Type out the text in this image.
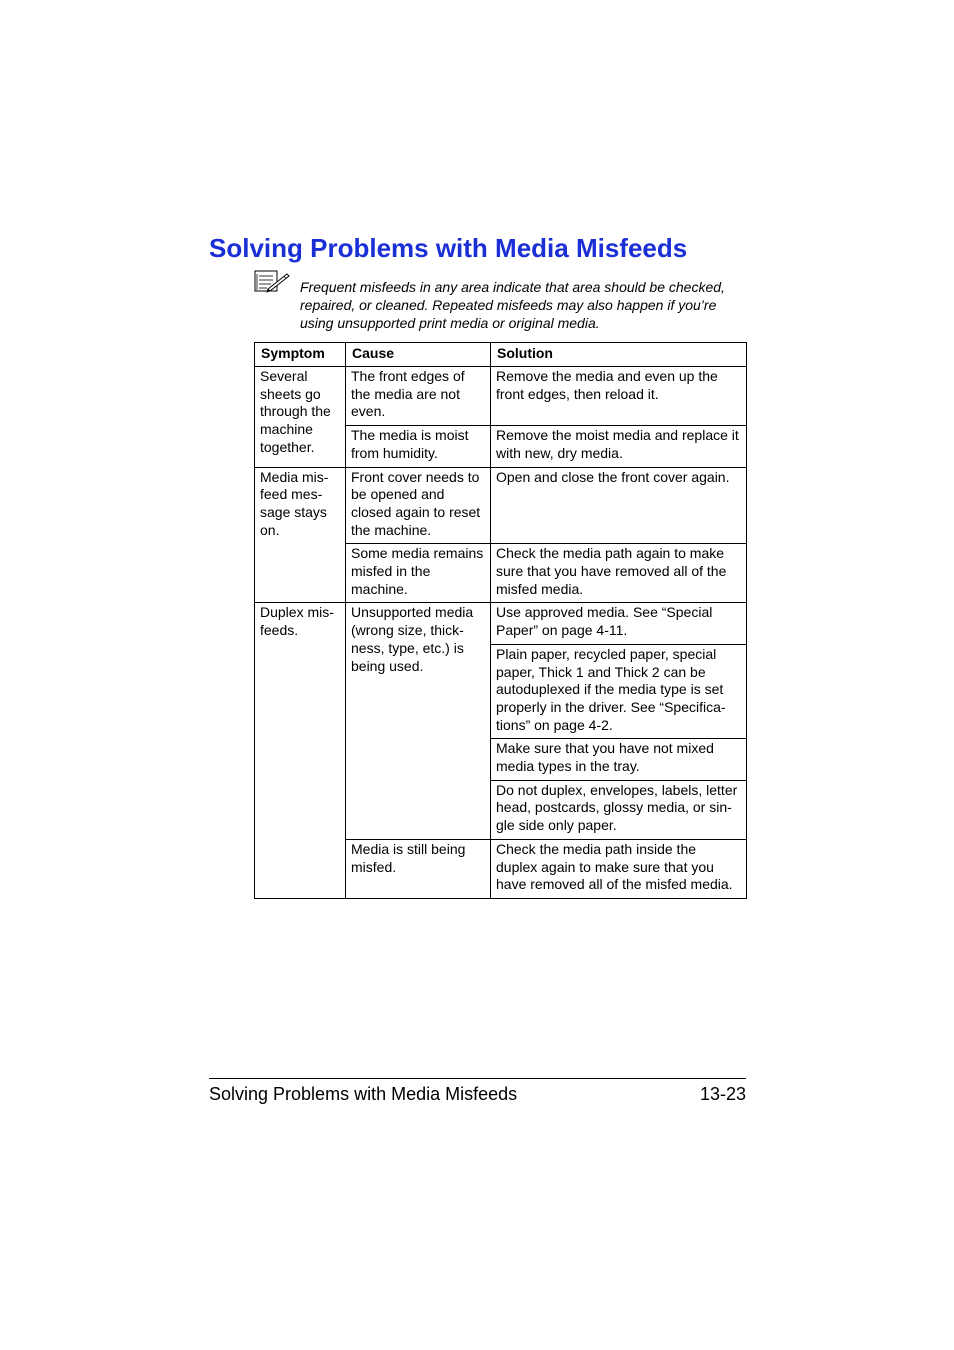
Solving Problems with Media Misfeeds

Frequent misfeeds in any area indicate that area should be checked,
repaired, or cleaned. Repeated misfeeds may also happen if you’re
using unsupported print media or original media.

Symptom	Cause	Solution
Several
sheets go
through the
machine
together.	The front edges of
the media are not
even.	Remove the media and even up the
front edges, then reload it.
	The media is moist
from humidity.	Remove the moist media and replace it
with new, dry media.
Media mis-
feed mes-
sage stays
on.	Front cover needs to
be opened and
closed again to reset
the machine.	Open and close the front cover again.
	Some media remains
misfed in the
machine.	Check the media path again to make
sure that you have removed all of the
misfed media.
Duplex mis-
feeds.	Unsupported media
(wrong size, thick-
ness, type, etc.) is
being used.	Use approved media. See “Special
Paper” on page 4-11.
		Plain paper, recycled paper, special
paper, Thick 1 and Thick 2 can be
autoduplexed if the media type is set
properly in the driver. See “Specifica-
tions” on page 4-2.
		Make sure that you have not mixed
media types in the tray.
		Do not duplex, envelopes, labels, letter
head, postcards, glossy media, or sin-
gle side only paper.
	Media is still being
misfed.	Check the media path inside the
duplex again to make sure that you
have removed all of the misfed media.
Solving Problems with Media Misfeeds	13-23
